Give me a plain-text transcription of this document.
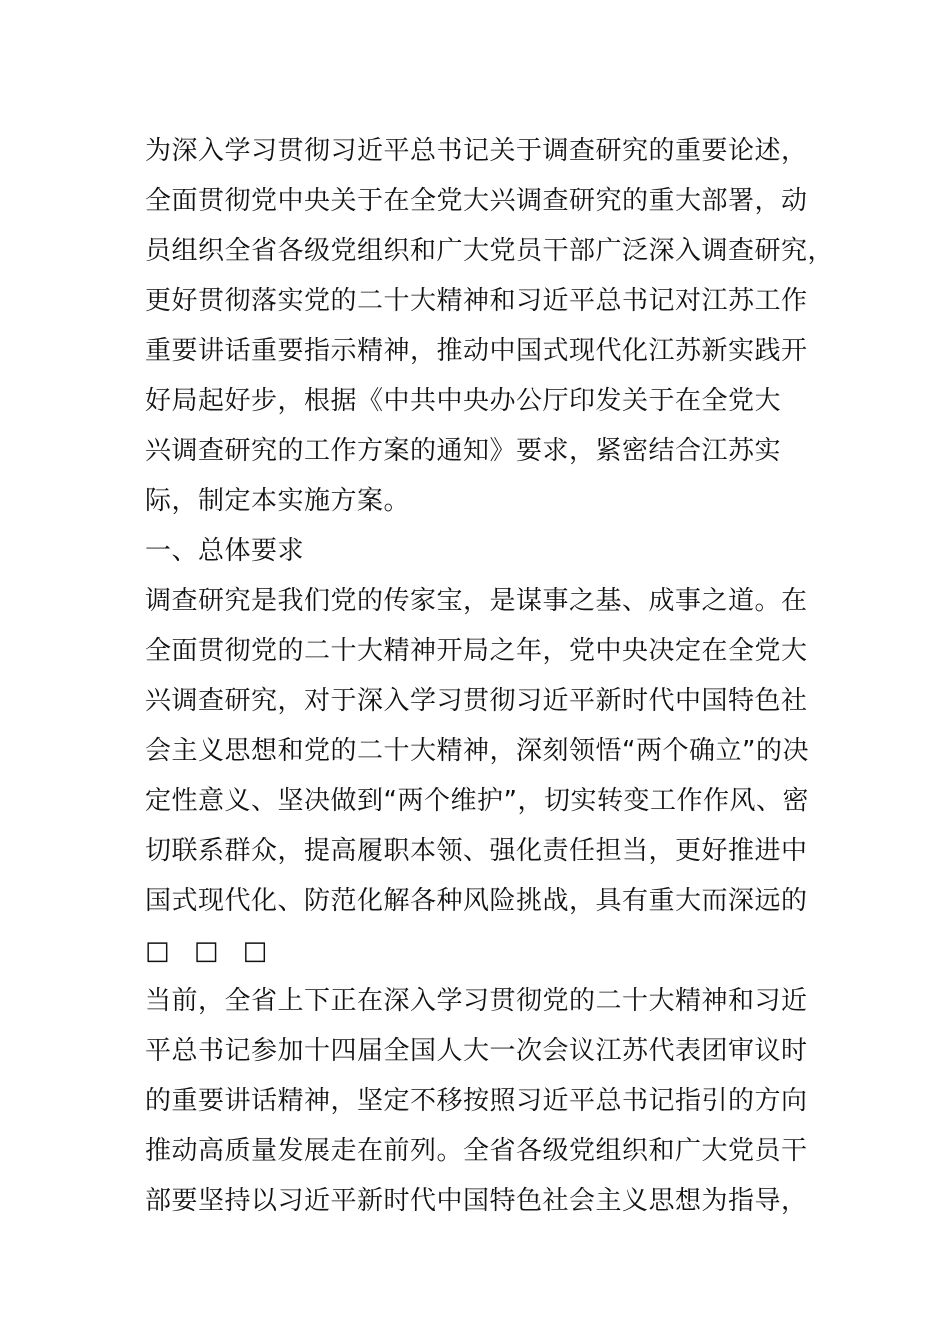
为深入学习贯彻习近平总书记关于调查研究的重要论述，
全面贯彻党中央关于在全党大兴调查研究的重大部署，动
员组织全省各级党组织和广大党员干部广泛深入调查研究，
更好贯彻落实党的二十大精神和习近平总书记对江苏工作
重要讲话重要指示精神，推动中国式现代化江苏新实践开
好局起好步，根据《中共中央办公厅印发关于在全党大
兴调查研究的工作方案的通知》要求，紧密结合江苏实
际，制定本实施方案。
一、总体要求
调查研究是我们党的传家宝，是谋事之基、成事之道。在
全面贯彻党的二十大精神开局之年，党中央决定在全党大
兴调查研究，对于深入学习贯彻习近平新时代中国特色社
会主义思想和党的二十大精神，深刻领悟“两个确立”的决
定性意义、坚决做到“两个维护”，切实转变工作作风、密
切联系群众，提高履职本领、强化责任担当，更好推进中
国式现代化、防范化解各种风险挑战，具有重大而深远的
□ □ □
当前，全省上下正在深入学习贯彻党的二十大精神和习近
平总书记参加十四届全国人大一次会议江苏代表团审议时
的重要讲话精神，坚定不移按照习近平总书记指引的方向
推动高质量发展走在前列。全省各级党组织和广大党员干
部要坚持以习近平新时代中国特色社会主义思想为指导，
